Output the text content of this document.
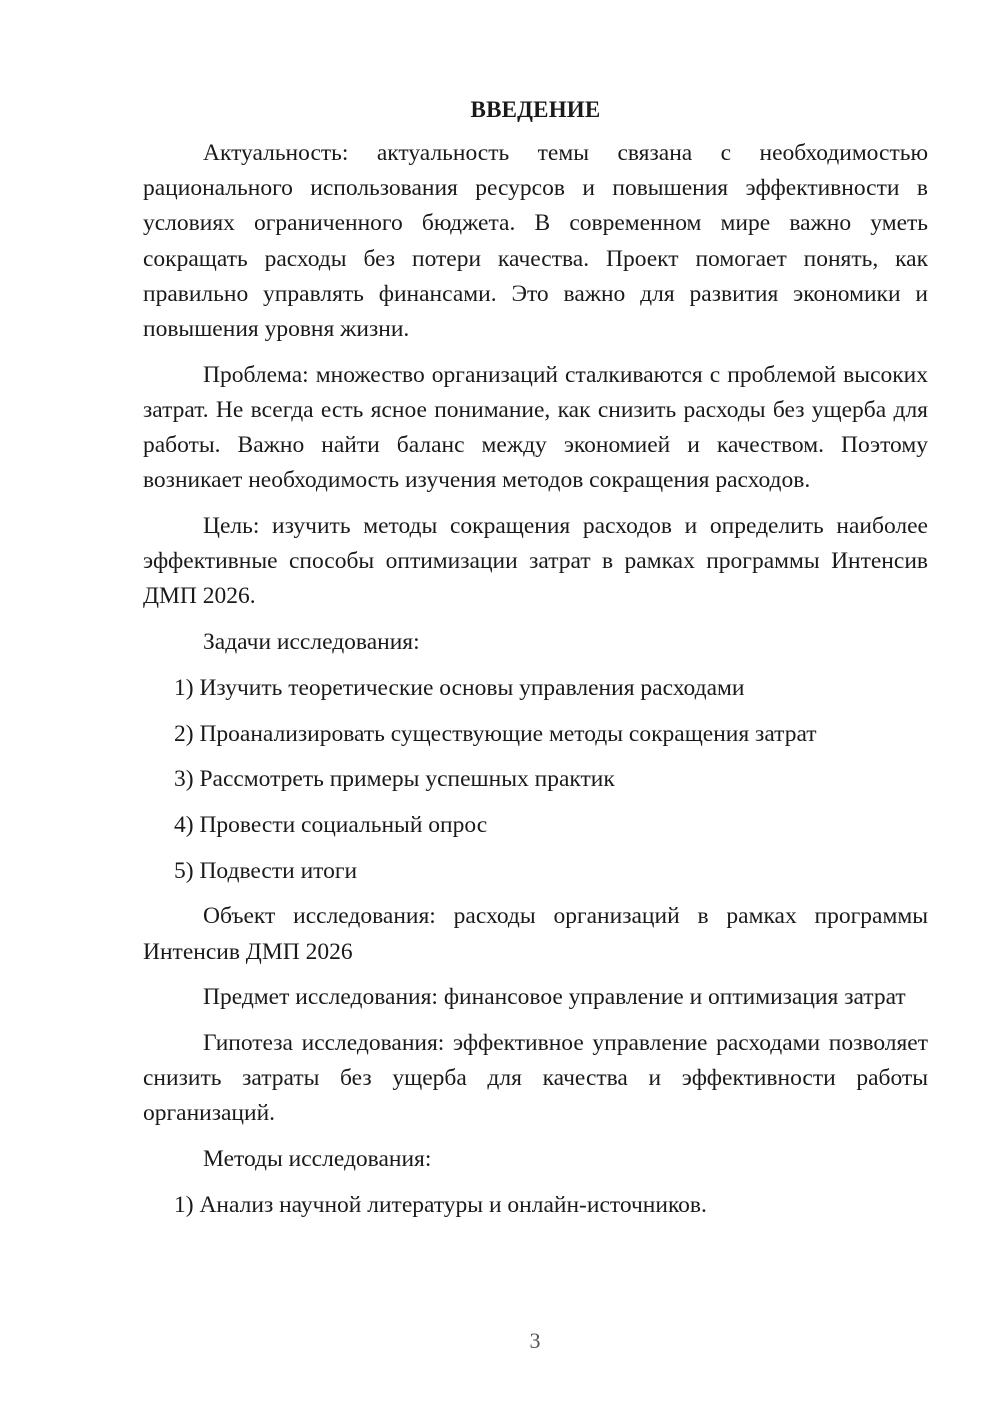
ВВЕДЕНИЕ

Актуальность: актуальность темы связана с необходимостью рационального использования ресурсов и повышения эффективности в условиях ограниченного бюджета. В современном мире важно уметь сокращать расходы без потери качества. Проект помогает понять, как правильно управлять финансами. Это важно для развития экономики и повышения уровня жизни.

Проблема: множество организаций сталкиваются с проблемой высоких затрат. Не всегда есть ясное понимание, как снизить расходы без ущерба для работы. Важно найти баланс между экономией и качеством. Поэтому возникает необходимость изучения методов сокращения расходов.

Цель: изучить методы сокращения расходов и определить наиболее эффективные способы оптимизации затрат в рамках программы Интенсив ДМП 2026.

Задачи исследования:
1) Изучить теоретические основы управления расходами
2) Проанализировать существующие методы сокращения затрат
3) Рассмотреть примеры успешных практик
4) Провести социальный опрос
5) Подвести итоги

Объект исследования: расходы организаций в рамках программы Интенсив ДМП 2026

Предмет исследования: финансовое управление и оптимизация затрат

Гипотеза исследования: эффективное управление расходами позволяет снизить затраты без ущерба для качества и эффективности работы организаций.

Методы исследования:
1) Анализ научной литературы и онлайн-источников.
3
